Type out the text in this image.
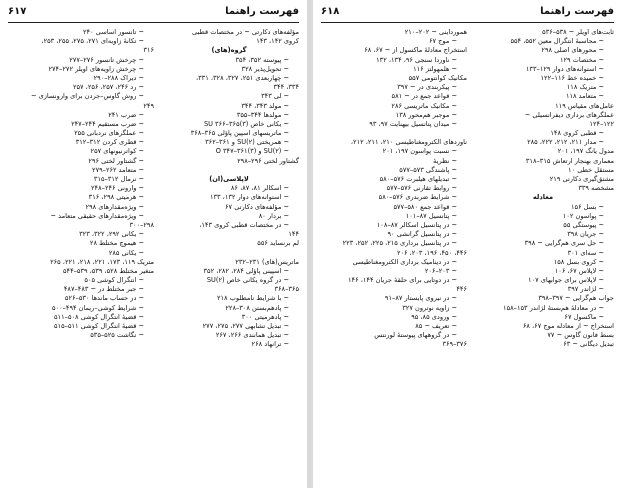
فهرست راهنما
۶۱۷
مؤلفه‌های دکارتی ~ در مختصات قطبی
کروی ۱۴۲، ۱۴۳
گروه(های)
~ پیوسته ۳۵۲، ۳۵۴
~ تحویل‌پذیر ۳۲۸
~ چهاربعدی ۲۵۱، ۳۲۷، ۳۲۸، ۳۳۱،
۳۳۴، ۳۴۴
~ لی ۳۴۳
~ مولد ۳۴۳، ۳۴۴
~ مولدها ۳۴۴–۳۵۵
~ یکانی خاص (۳)SU ۳۶۶–۳۶۵
~ ماتریسهای اسپین پاؤلی ۳۶۵–۳۶۸
~ همریختی (۲)SU و ۳۶۱–۳۶۲
~ ‫(۲)SU و (۳)O ۳۴۷–۳۶۱
گشتاور لختی ۲۹۶–۲۹۸
لاپلاسی(ان)
~ اسکالر ۸۱، ۸۷، ۸۶
~ استوانه‌های دوار ۱۳۲، ۱۳۳
~ مؤلفه‌های دکارتی ۶۷
~ بردار ۸۰
~ در مختصات قطبی کروی ۱۴۳،
۱۴۴
لم برنساید ۵۵۶
ماتریس(های) ۲۳۱–۲۳۲
~ اسپینی پاؤلی ۲۸۴، ۲۸۲، ۳۵۲
~ در گروه یکانی خاص (۲)SU
۳۶۵–۳۶۸
~ با شرایط نامطلوب ۲۱۸
~ پادهم‌بستن ۳۰۸–۲۲۸
~ پادهرمیتی ۳۰۰
~ تبدیل تشابهی ۲۷۷، ۲۷۵، ۲۷۷
~ تبدیل همانندی ۲۶۶، ۲۶۷
~ ترانهاد ۲۶۸
~ تانسور اساسی ۲۴۰
~ تکانهٔ زاویه‌ای ۲۷۱، ۲۷۵، ۲۵۵، ۲۵۳،
۳۱۶
~ چرخش تانسور ۲۷۶–۲۷۷
~ چرخش زاویه‌های اویلر ۲۷۲–۲۷۴
~ دیراک ۲۸۸–۲۹۰
~ رد ۲۴۶، ۲۵۷، ۲۵۶، ۲۵۷
~ روش گاوس–جردن برای وارونسازی ~
۲۴۹
~ ضرب ۲۴۱
~ ضرب مستقیم ۲۴۴–۲۴۷
~ عملگرهای نردبانی ۲۵۵
~ قطری کردن ۳۱۲–۳۱۲
~ کواترنیونهای ۲۵۷
~ گشتاور لختی ۲۹۶
~ متعامد ۲۶۲–۲۷۹
~ نرمال ۳۱۲–۳۱۵
~ وارونی ۲۴۶–۲۴۸
~ هرمیتی ۲۹۸، ۳۱۶
~ ویژه‌مقدارهای ۲۹۸
~ ویژه‌مقدارهای حقیقی متعامد ~
۲۹۸–۳۰۰
~ یکانی ۲۹۲، ۳۲۲، ۳۲۳
~ هیموچ مختلط ۲۸
~ یکانی ۲۸۵
متریک ۱۱۹، ۱۷۳، ۲۲۱، ۲۱۸، ۲۲۱، ۲۶۵
متغیر مختلط ۵۲۸، ۵۳۹، ۵۳۹–۵۴۴
~ انتگرال کوشی ۵۰۵
~ جبر مختلط در ~ ۴۸۳–۴۸۷
~ در حساب ماندها ۵۳۰–۵۲۶
~ شرایط کوشی–ریمان ۴۹۴–۵۰۰
~ قضیهٔ انتگرال کوشی ۵۰۸–۵۱۱
~ قضیهٔ انتگرال کوشی ۵۱۱–۵۱۵
~ نگاشت ۵۲۵–۵۳۵
فهرست راهنما
۶۱۸
ثابت‌های اویلر ~ ۵۳۸–۵۳۶
~ محاسبهٔ انتگرال معین ۵۵۲، ۵۵۴
~ محورهای اصلی ۲۹۸
~ مختصات ۱۲۹
~ استوانه‌های دوار ۱۲۹–۱۳۳
~ خمیده خط ۱۱۶–۱۲۲
~ متریک ۱۱۸
~ متعامد ۱۱۸
عامل‌های مقیاس ۱۱۹
عملگرهای برداری دیفرانسیلی ~
۱۲۲–۱۲۴
~ قطبی کروی ۱۴۸
~ مدار ۲۱۱، ۲۱۲، ۲۲۲، ۲۸۵
مدول یانگ ۱۹۷، ۲۰۱
معماری بهنجار ارتعاش ۳۱۵–۳۱۸
مستقل خطی ۱۰
مشتق‌گیری دکارتی ۲۱۹
مشخصه ۳۳۹
معادله
~ بسل ۱۵۶
~ پواسون ۱۰۲
~ پیوستگی ۵۵
~ جریان ۳۹۸
~ حل سری هم‌گرایی ~ ۳۹۸
~ سه‌ای ۳۰۱
~ کروی بسل ۱۵۸
~ لاپلاس ۶۷، ۱۰۶
~ لاپلاس برای جوابهای ۱۰۷
~ لژاندر ۳۹۷
جواب هم‌گرایی ~ ۳۹۷–۳۹۸
~ در معادلهٔ هم‌بستهٔ لژاندر ۱۵۳–۱۵۸
~ ماکسول ۶۷
استخراج ~ از معادله موج ۶۷، ۶۸
بسط فانون گاوس ~ ۷۷
تبدیل دیگانی ~ ۶۳
همورداینی ~ ۲۰۲–۲۱۰
~ موج ۶۷
استخراج معادلهٔ ماکسول از ~ ۶۷، ۶۸
~ ناوردا سنجی ۹۶، ۱۳۴، ۱۳۲
~ هلمهولتز ۱۱۶
مکانیک کوانتومی ۵۵۷
~ پیکربندی در ~ ۳۹۷
~ قواعد جمع در ~ ۵۸۱
~ مکانیک ماتریسی ۲۸۶
~ موجبر هم‌محور ۱۳۸
~ میدان پتانسیل بیهنایت ۹۷، ۹۳
ناوردهای الکترومغناطیسی ۲۱۰، ۲۱۱، ۲۱۲،
~ نسبت پواسون ۱۹۷، ۲۰۱
~ نظریهٔ
~ پاشندگی ۵۷۳–۵۷۷
~ تبدیلهای هیلبرت ۵۷۶–۵۸۰
~ روابط تقارنی ۵۷۶–۵۷۷
~ شرایط ضربدری ۵۷۶–۵۸۰
~ قواعد جمع ۵۸۰–۵۷۷
~ پتانسیل ۸۷–۱۰۱
~ در پتانسیل اسکالر ۸۷–۱۰۸
~ در پتانسیل گرانشی ۹۰
~ در پتانسیل برداری ۲۱۵، ۲۲۵، ۲۵۲، ۲۲۳
۴۴۶، ۴۵۰، ۱۹۶، ۲۰۳، ۲۰۶
~ در دینامیک برداری الکترومغناطیسی
~ ۲۰۳–۲۰۶
~ در دوتایی برای حلقهٔ جریان ۱۴۴، ۱۴۶
۴۴۶
~ در نیروی پایستار ۸۷–۹۱
~ زاویه نوترون ۳۲۷
~ ورودی ۸۵، ۹۵
~ تعریف ~ ۸۵
~ در گروههای پیوستهٔ لورنتس
۳۷۶–۳۶۹
